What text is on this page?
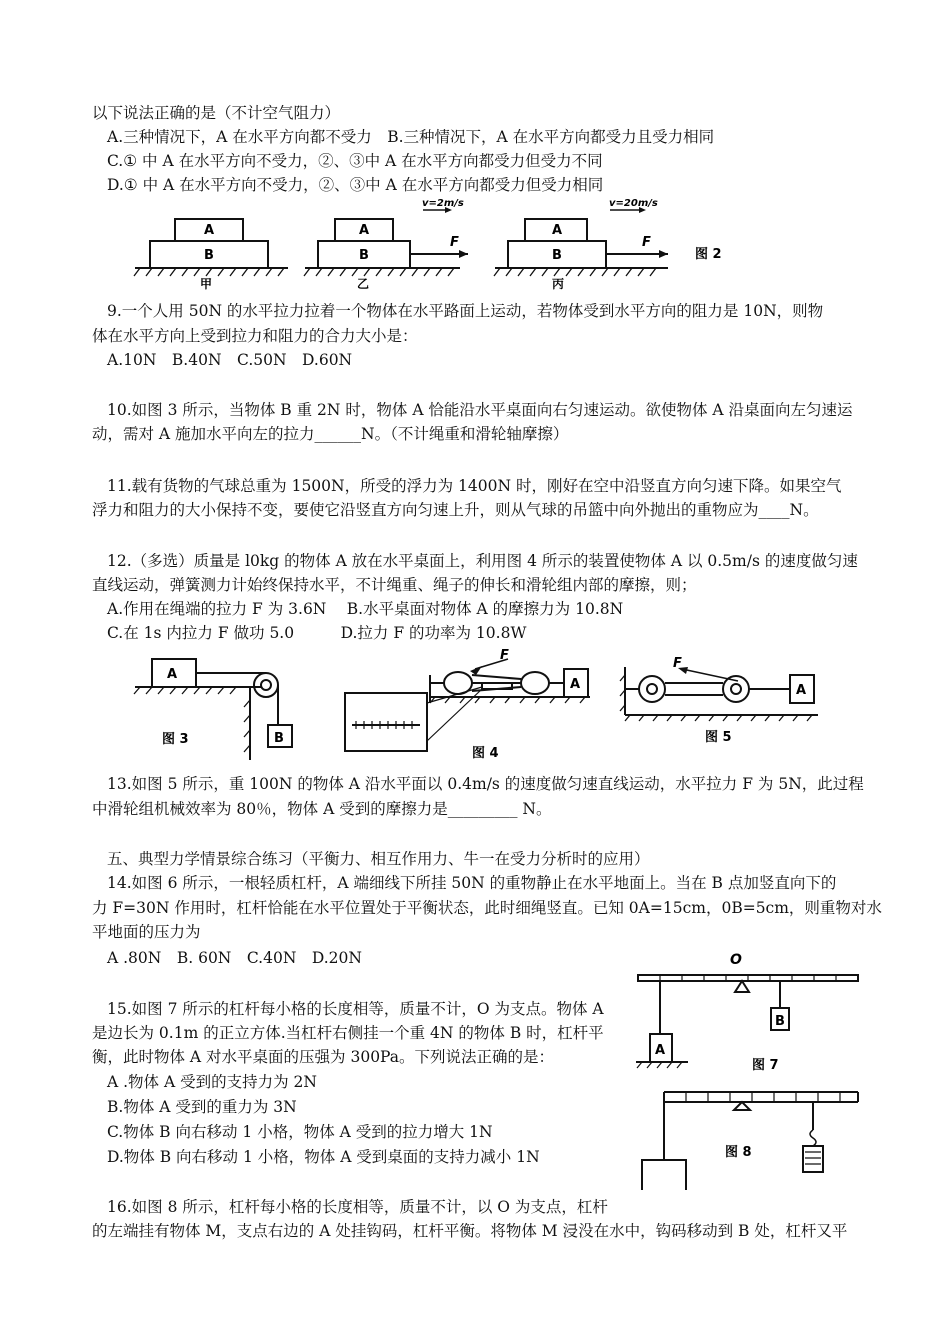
以下说法正确的是（不计空气阻力）
A.三种情况下，A 在水平方向都不受力　B.三种情况下，A 在水平方向都受力且受力相同
C.① 中 A 在水平方向不受力，②、③中 A 在水平方向都受力但受力不同
D.① 中 A 在水平方向不受力，②、③中 A 在水平方向都受力但受力相同
A
B
A
B
A
B
F	F
v=2m/s	v=20m/s
甲	乙	丙
图 2
9.一个人用 50N 的水平拉力拉着一个物体在水平路面上运动，若物体受到水平方向的阻力是 10N，则物
体在水平方向上受到拉力和阻力的合力大小是：
A.10N　B.40N　C.50N　D.60N
10.如图 3 所示，当物体 B 重 2N 时，物体 A 恰能沿水平桌面向右匀速运动。欲使物体 A 沿桌面向左匀速运
动，需对 A 施加水平向左的拉力______N。（不计绳重和滑轮轴摩擦）
11.载有货物的气球总重为 1500N，所受的浮力为 1400N 时，刚好在空中沿竖直方向匀速下降。如果空气
浮力和阻力的大小保持不变，要使它沿竖直方向匀速上升，则从气球的吊篮中向外抛出的重物应为____N。
12.（多选）质量是 l0kg 的物体 A 放在水平桌面上，利用图 4 所示的装置使物体 A 以 0.5m/s 的速度做匀速
直线运动，弹簧测力计始终保持水平，不计绳重、绳子的伸长和滑轮组内部的摩擦，则；
A.作用在绳端的拉力 F 为 3.6N　 B.水平桌面对物体 A 的摩擦力为 10.8N
C.在 1s 内拉力 F 做功 5.0　　　D.拉力 F 的功率为 10.8W
A
B
A
F
A
F
图 3
图 4
图 5
13.如图 5 所示，重 100N 的物体 A 沿水平面以 0.4m/s 的速度做匀速直线运动，水平拉力 F 为 5N，此过程
中滑轮组机械效率为 80％，物体 A 受到的摩擦力是_________ N。
五、典型力学情景综合练习（平衡力、相互作用力、牛一在受力分析时的应用）
14.如图 6 所示，一根轻质杠杆，A 端细线下所挂 50N 的重物静止在水平地面上。当在 B 点加竖直向下的
力 F=30N 作用时，杠杆恰能在水平位置处于平衡状态，此时细绳竖直。已知 0A=15cm，0B=5cm，则重物对水
平地面的压力为
A .80N　B. 60N　C.40N　D.20N
15.如图 7 所示的杠杆每小格的长度相等，质量不计，O 为支点。物体 A
是边长为 0.1m 的正立方体.当杠杆右侧挂一个重 4N 的物体 B 时，杠杆平
衡，此时物体 A 对水平桌面的压强为 300Pa。下列说法正确的是：
A .物体 A 受到的支持力为 2N
B.物体 A 受到的重力为 3N
C.物体 B 向右移动 1 小格，物体 A 受到的拉力增大 1N
D.物体 B 向右移动 1 小格，物体 A 受到桌面的支持力减小 1N
O
A
B
图 7
图 8
16.如图 8 所示，杠杆每小格的长度相等，质量不计，以 O 为支点，杠杆
的左端挂有物体 M，支点右边的 A 处挂钩码，杠杆平衡。将物体 M 浸没在水中，钩码移动到 B 处，杠杆又平
